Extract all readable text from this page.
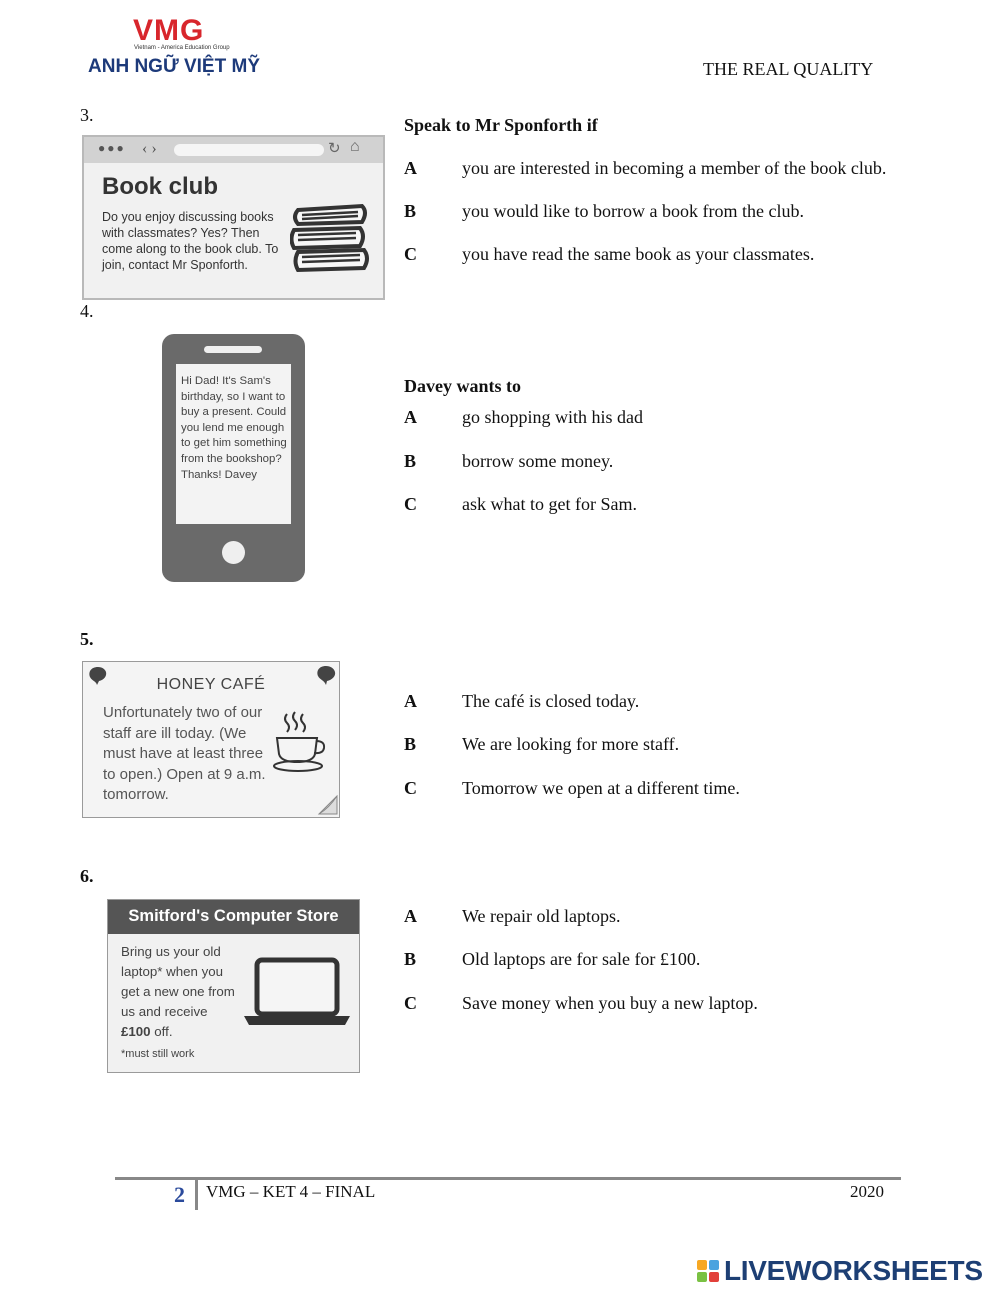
VMG
Vietnam - America Education Group
ANH NGỮ VIỆT MỸ	THE REAL QUALITY
3.
●●● ‹ ›	↻ ⌂
Book club
Do you enjoy discussing books with classmates? Yes? Then come along to the book club. To join, contact Mr Sponforth.
Speak to Mr Sponforth if
A	you are interested in becoming a member of the book club.
B	you would like to borrow a book from the club.
C	you have read the same book as your classmates.
4.
Hi Dad! It's Sam's birthday, so I want to buy a present. Could you lend me enough to get him something from the bookshop? Thanks! Davey
Davey wants to
A	go shopping with his dad
B	borrow some money.
C	ask what to get for Sam.
5.
HONEY CAFÉ
Unfortunately two of our staff are ill today. (We must have at least three to open.) Open at 9 a.m. tomorrow.
A	The café is closed today.
B	We are looking for more staff.
C	Tomorrow we open at a different time.
6.
Smitford's Computer Store
Bring us your old laptop* when you get a new one from us and receive £100 off.
*must still work
A	We repair old laptops.
B	Old laptops are for sale for £100.
C	Save money when you buy a new laptop.
2 VMG – KET 4 – FINAL	2020
LIVEWORKSHEETS
